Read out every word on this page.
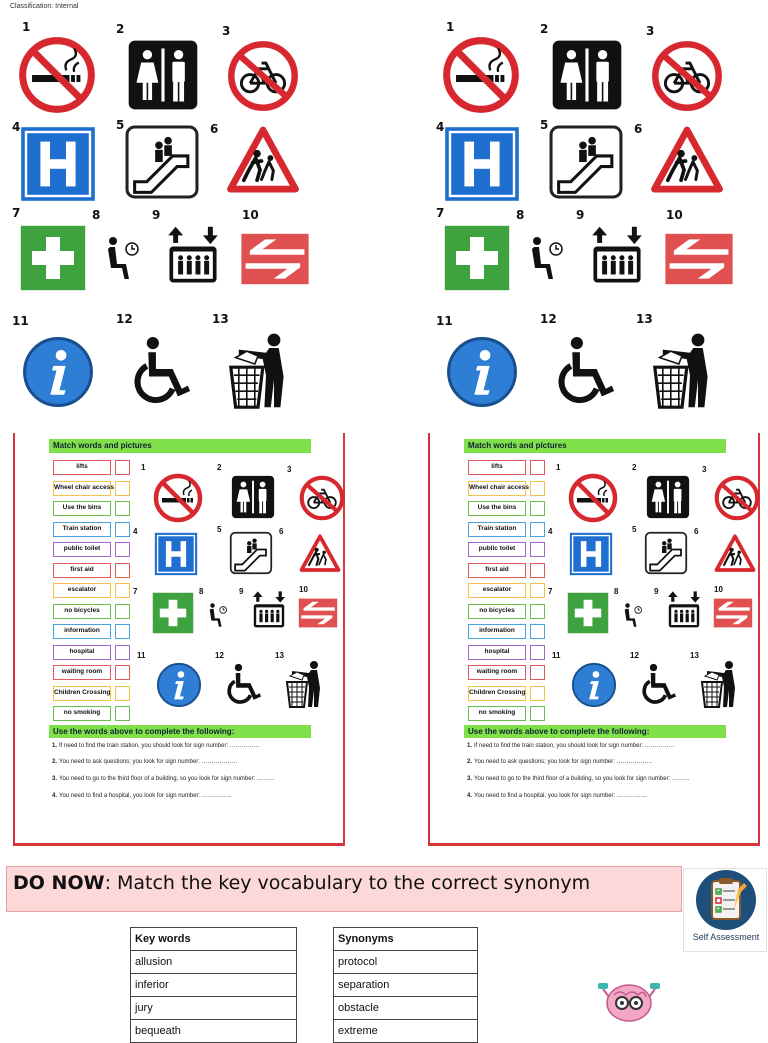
Classification: Internal
1	2	3
4	5	6
7	8	9	10
11	12	13
1	2	3
4	5	6
7	8	9	10
11	12	13
Match words and pictures
lifts
Wheel chair access
Use the bins
Train station
public toilet
first aid
escalator
no bicycles
information
hospital
waiting room
Children Crossing
no smoking
1	2	3
4	5	6
7	8	9	10
11	12	13
Use the words above to complete the following:
1. If need to find the train station, you should look for sign number: ……………
2. You need to ask questions; you look for sign number: ………………
3. You need to go to the third floor of a building, so you look for sign number: ………
4. You need to find a hospital, you look for sign number: ……………
Match words and pictures
lifts
Wheel chair access
Use the bins
Train station
public toilet
first aid
escalator
no bicycles
information
hospital
waiting room
Children Crossing
no smoking
1	2	3
4	5	6
7	8	9	10
11	12	13
Use the words above to complete the following:
1. If need to find the train station, you should look for sign number: ……………
2. You need to ask questions; you look for sign number: ………………
3. You need to go to the third floor of a building, so you look for sign number: ………
4. You need to find a hospital, you look for sign number: ……………
DO NOW: Match the key vocabulary to the correct synonym
Self Assessment
Key words
allusion
inferior
jury
bequeath
Synonyms
protocol
separation
obstacle
extreme
